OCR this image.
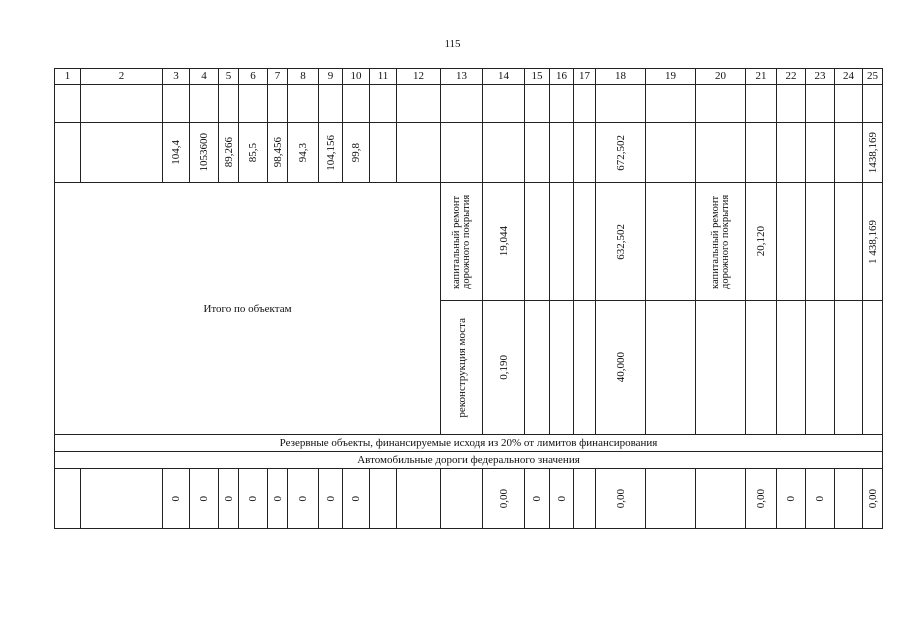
115
1	2	3	4	5	6	7	8	9	10	11	12	13	14	15	16	17	18	19	20	21	22	23	24	25

		104,4	1053600	89,266	85,5	98,456	94,3	104,156	99,8								672,502							1438,169

Итого по объектам												капитальный ремонт дорожного покрытия	19,044				632,502		капитальный ремонт дорожного покрытия	20,120				1 438,169

												реконструкция моста	0,190				40,000							

Резервные объекты, финансируемые исходя из 20% от лимитов финансирования																								
Автомобильные дороги федерального значения																								

		0	0	0	0	0	0	0	0				0,00	0	0		0,00			0,00	0	0		0,00
